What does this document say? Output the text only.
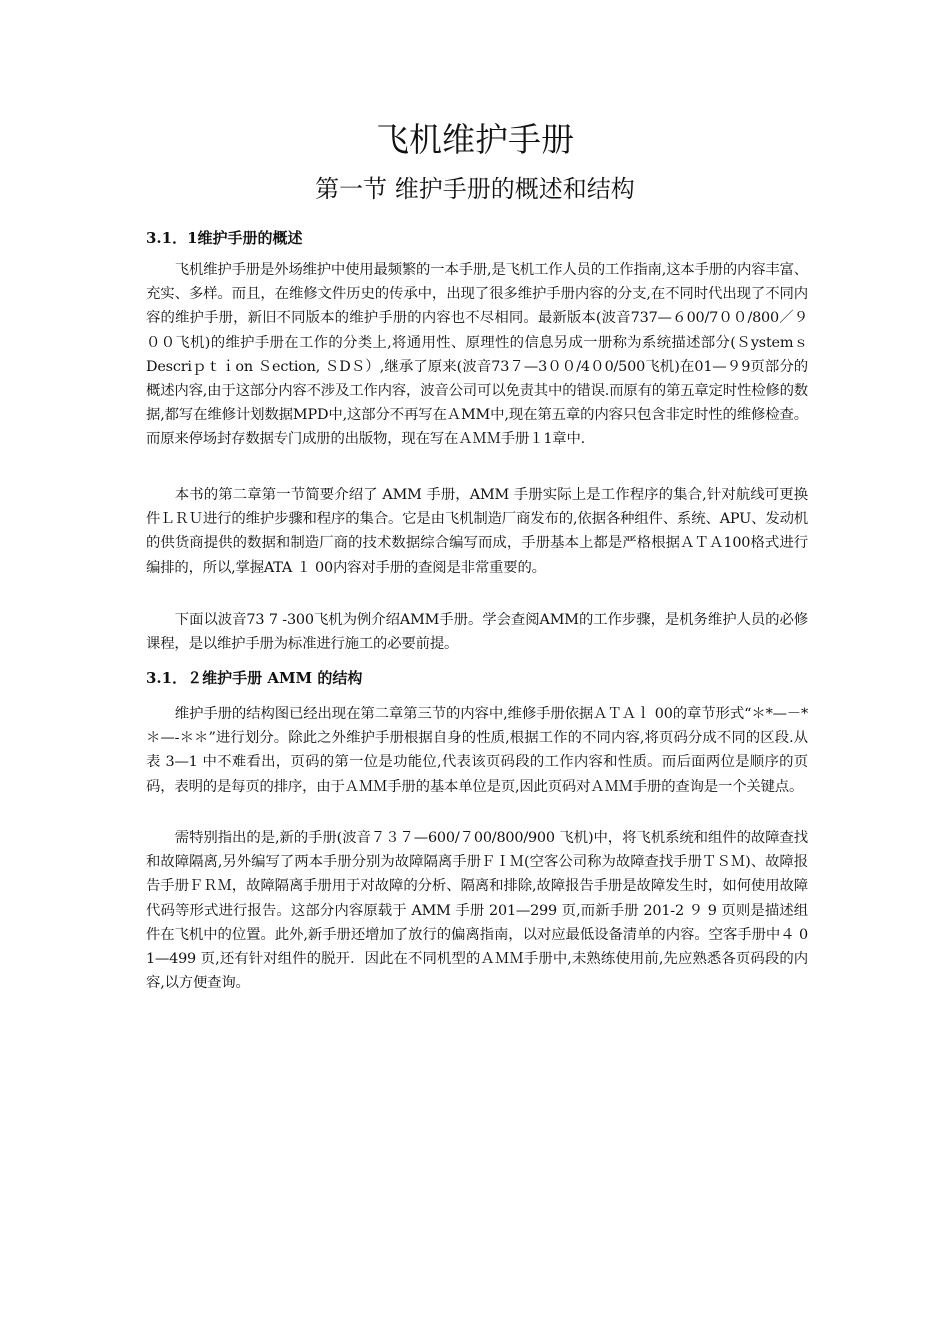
飞机维护手册
第一节 维护手册的概述和结构
3.1．1维护手册的概述

飞机维护手册是外场维护中使用最频繁的一本手册,是飞机工作人员的工作指南,这本手册的内容丰富、充实、多样。而且，在维修文件历史的传承中，出现了很多维护手册内容的分支,在不同时代出现了不同内容的维护手册，新旧不同版本的维护手册的内容也不尽相同。最新版本(波音737—６00/7００/800／９００飞机)的维护手册在工作的分类上,将通用性、原理性的信息另成一册称为系统描述部分(Ｓystemｓ Descriｐｔｉon Ｓection, ＳDＳ）,继承了原来(波音73７—3００/4０0/500飞机)在01—９9页部分的概述内容,由于这部分内容不涉及工作内容，波音公司可以免责其中的错误.而原有的第五章定时性检修的数据,都写在维修计划数据MPD中,这部分不再写在ＡMM中,现在第五章的内容只包含非定时性的维修检查。而原来停场封存数据专门成册的出版物，现在写在ＡＭＭ手册１1章中.

本书的第二章第一节简要介绍了 AMM 手册，AMM 手册实际上是工作程序的集合,针对航线可更换件ＬＲＵ进行的维护步骤和程序的集合。它是由飞机制造厂商发布的,依据各种组件、系统、APU、发动机的供货商提供的数据和制造厂商的技术数据综合编写而成，手册基本上都是严格根据ＡＴＡ100格式进行编排的，所以,掌握ATA １ 00内容对手册的查阅是非常重要的。

下面以波音73 7 -300飞机为例介绍AMM手册。学会查阅AMM的工作步骤，是机务维护人员的必修课程，是以维护手册为标准进行施工的必要前提。

3.1．２维护手册 AMM 的结构

维护手册的结构图已经出现在第二章第三节的内容中,维修手册依据ＡＴＡｌ 00的章节形式“＊*—－*＊—-＊＊”进行划分。除此之外维护手册根据自身的性质,根据工作的不同内容,将页码分成不同的区段.从表 3—1 中不难看出，页码的第一位是功能位,代表该页码段的工作内容和性质。而后面两位是顺序的页码，表明的是每页的排序，由于ＡＭＭ手册的基本单位是页,因此页码对ＡＭＭ手册的查询是一个关键点。

需特别指出的是,新的手册(波音７３７—600/７00/800/900 飞机)中，将飞机系统和组件的故障查找和故障隔离,另外编写了两本手册分别为故障隔离手册ＦＩＭ(空客公司称为故障查找手册ＴＳＭ)、故障报告手册ＦＲＭ，故障隔离手册用于对故障的分析、隔离和排除,故障报告手册是故障发生时，如何使用故障代码等形式进行报告。这部分内容原载于 AMM 手册 201—299 页,而新手册 201-2 ９ 9 页则是描述组件在飞机中的位置。此外,新手册还增加了放行的偏离指南，以对应最低设备清单的内容。空客手册中４ 0 1—499 页,还有针对组件的脱开．因此在不同机型的ＡＭＭ手册中,未熟练使用前,先应熟悉各页码段的内容,以方便查询。
